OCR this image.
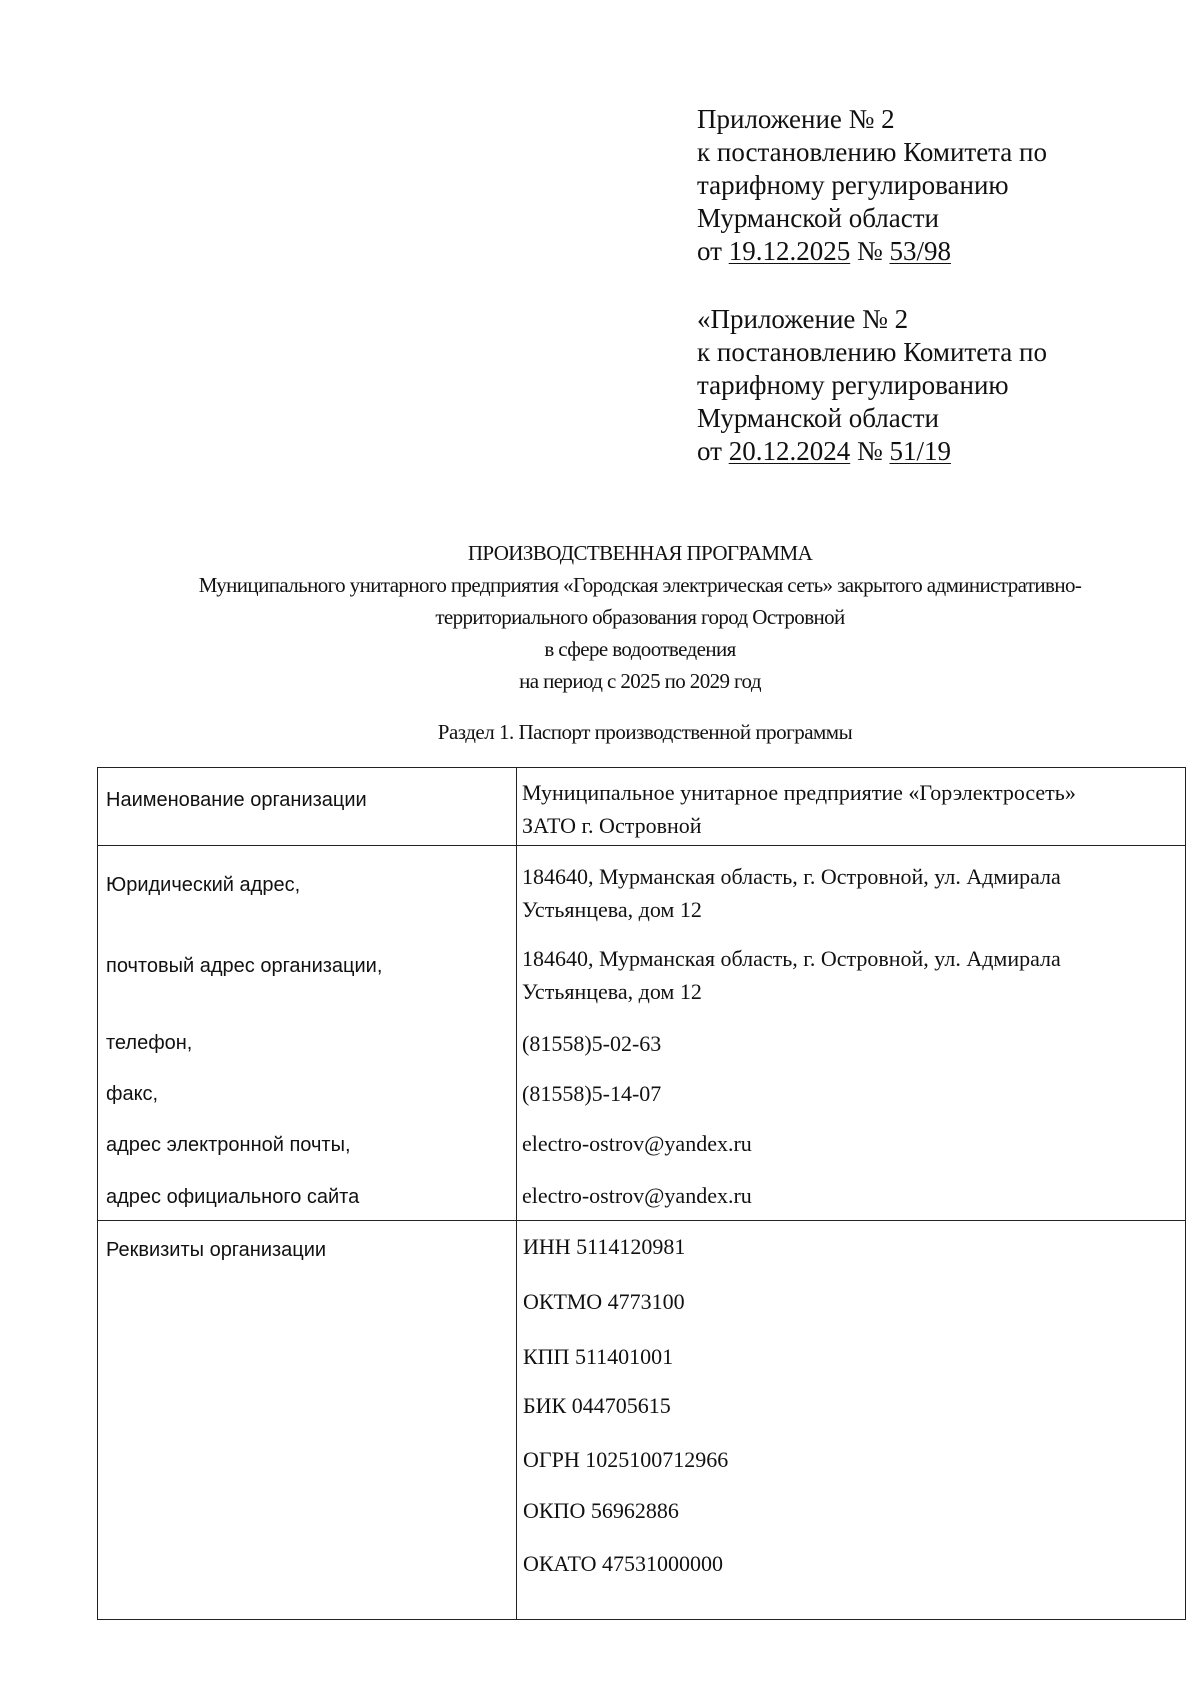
Приложение № 2
к постановлению Комитета по
тарифному регулированию
Мурманской области
от 19.12.2025 № 53/98
«Приложение № 2
к постановлению Комитета по
тарифному регулированию
Мурманской области
от 20.12.2024 № 51/19
ПРОИЗВОДСТВЕННАЯ ПРОГРАММА
Муниципального унитарного предприятия «Городская электрическая сеть» закрытого административно-
территориального образования город Островной
в сфере водоотведения
на период с 2025 по 2029 год
Раздел 1. Паспорт производственной программы
Наименование организации	Муниципальное унитарное предприятие «Горэлектросеть»
ЗАТО г. Островной
Юридический адрес,	184640, Мурманская область, г. Островной, ул. Адмирала
Устьянцева, дом 12
почтовый адрес организации,	184640, Мурманская область, г. Островной, ул. Адмирала
Устьянцева, дом 12
телефон,	(81558)5-02-63
факс,	(81558)5-14-07
адрес электронной почты,	electro-ostrov@yandex.ru
адрес официального сайта	electro-ostrov@yandex.ru
Реквизиты организации	ИНН 5114120981
ОКТМО 4773100
КПП 511401001
БИК 044705615
ОГРН 1025100712966
ОКПО 56962886
ОКАТО 47531000000
